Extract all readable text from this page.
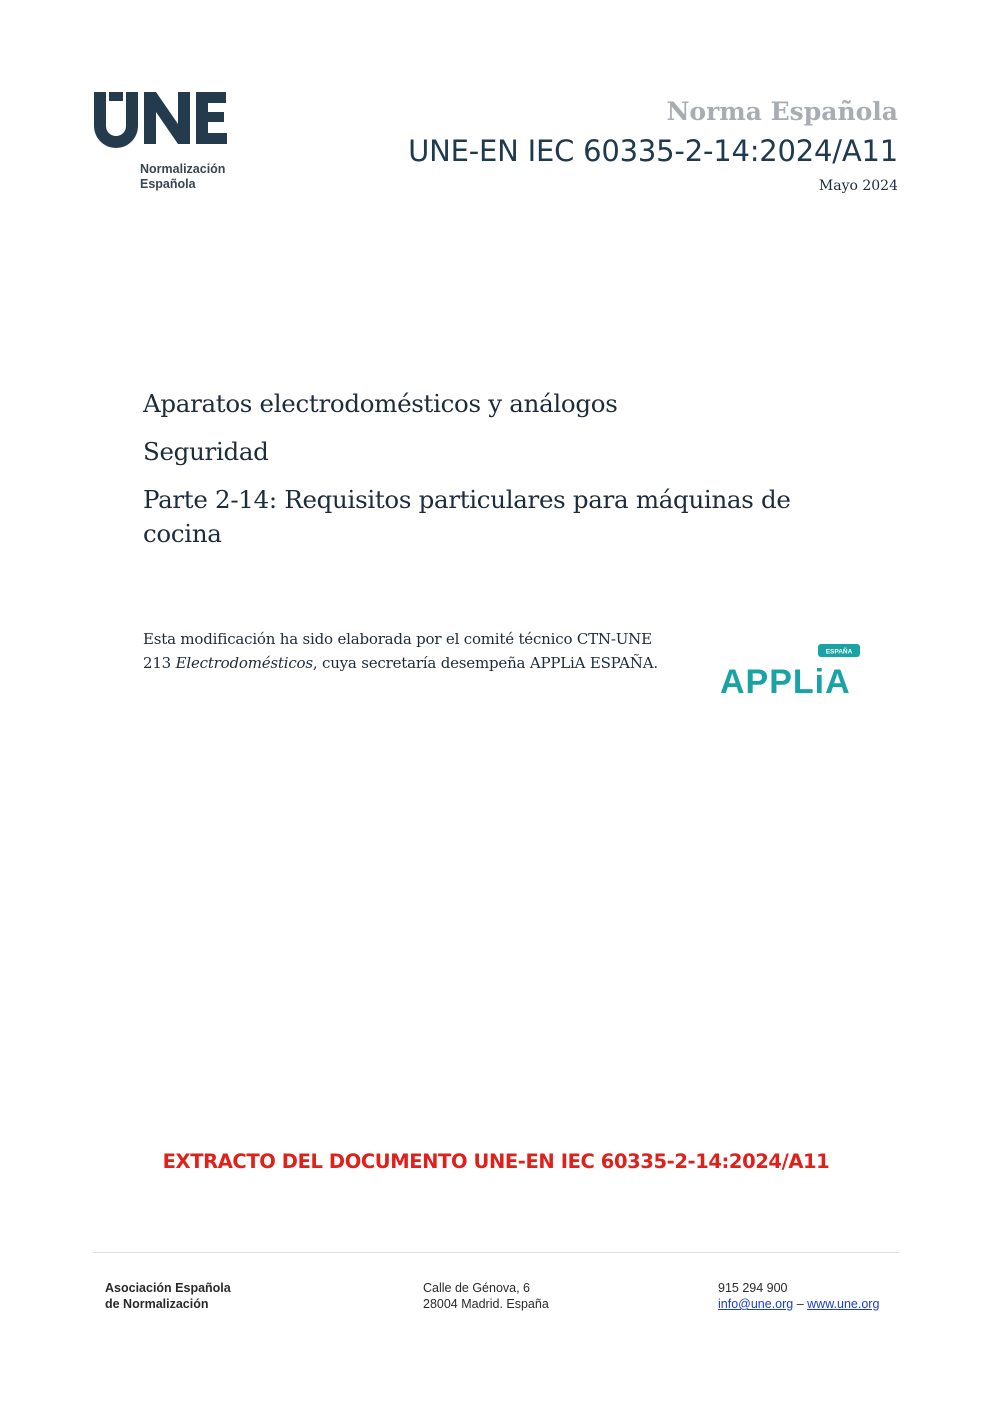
Normalización
Española
Norma Española
UNE-EN IEC 60335-2-14:2024/A11
Mayo 2024
Aparatos electrodomésticos y análogos
Seguridad
Parte 2-14: Requisitos particulares para máquinas de cocina
Esta modificación ha sido elaborada por el comité técnico CTN-UNE 213 Electrodomésticos, cuya secretaría desempeña APPLiA ESPAÑA.
ESPAÑA
APPLiA
EXTRACTO DEL DOCUMENTO UNE-EN IEC 60335-2-14:2024/A11
Asociación Española
de Normalización
Calle de Génova, 6
28004 Madrid. España
915 294 900
info@une.org – www.une.org
